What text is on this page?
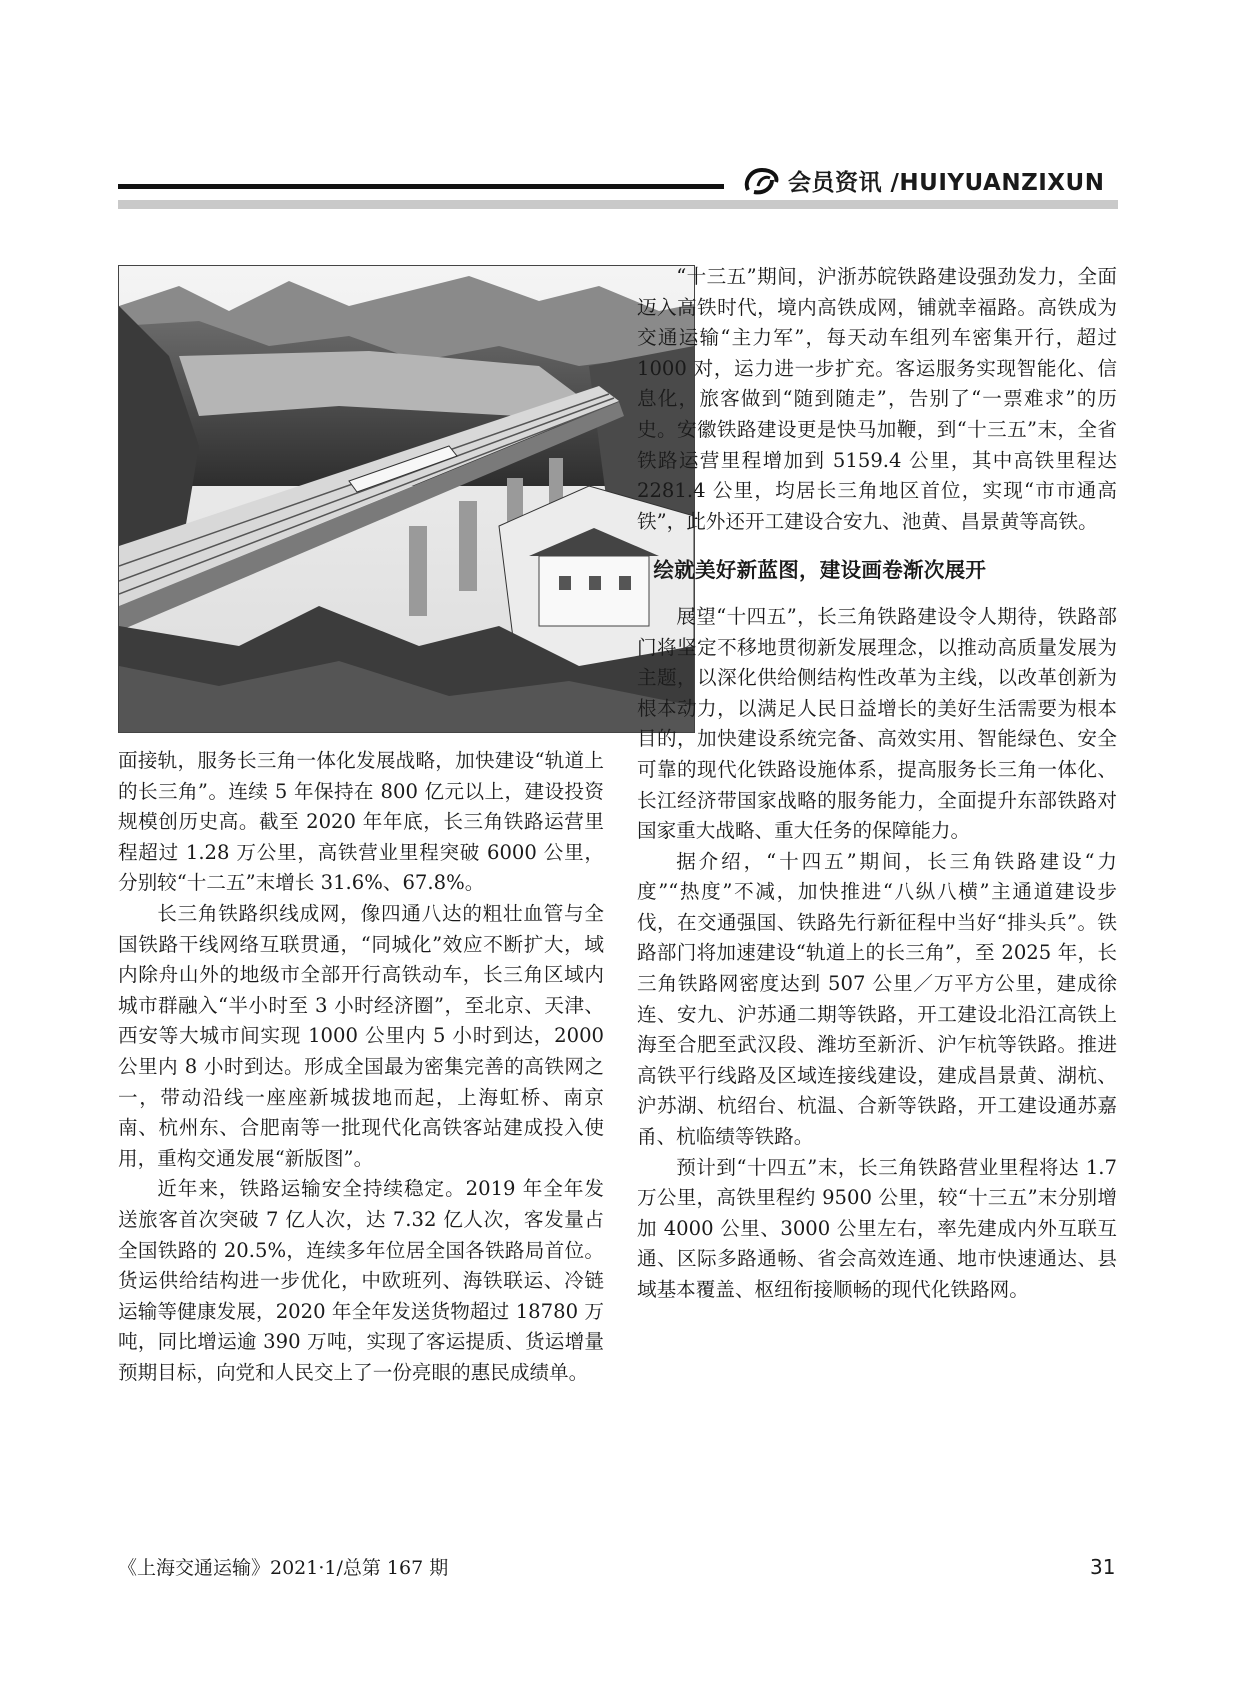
会员资讯 /HUIYUANZIXUN

面接轨，服务长三角一体化发展战略，加快建设“轨道上的长三角”。连续 5 年保持在 800 亿元以上，建设投资规模创历史高。截至 2020 年年底，长三角铁路运营里程超过 1.28 万公里，高铁营业里程突破 6000 公里，分别较“十二五”末增长 31.6%、67.8%。

长三角铁路织线成网，像四通八达的粗壮血管与全国铁路干线网络互联贯通，“同城化”效应不断扩大，域内除舟山外的地级市全部开行高铁动车，长三角区域内城市群融入“半小时至 3 小时经济圈”，至北京、天津、西安等大城市间实现 1000 公里内 5 小时到达，2000 公里内 8 小时到达。形成全国最为密集完善的高铁网之一，带动沿线一座座新城拔地而起，上海虹桥、南京南、杭州东、合肥南等一批现代化高铁客站建成投入使用，重构交通发展“新版图”。

近年来，铁路运输安全持续稳定。2019 年全年发送旅客首次突破 7 亿人次，达 7.32 亿人次，客发量占全国铁路的 20.5%，连续多年位居全国各铁路局首位。货运供给结构进一步优化，中欧班列、海铁联运、冷链运输等健康发展，2020 年全年发送货物超过 18780 万吨，同比增运逾 390 万吨，实现了客运提质、货运增量预期目标，向党和人民交上了一份亮眼的惠民成绩单。

“十三五”期间，沪浙苏皖铁路建设强劲发力，全面迈入高铁时代，境内高铁成网，铺就幸福路。高铁成为交通运输“主力军”，每天动车组列车密集开行，超过 1000 对，运力进一步扩充。客运服务实现智能化、信息化，旅客做到“随到随走”，告别了“一票难求”的历史。安徽铁路建设更是快马加鞭，到“十三五”末，全省铁路运营里程增加到 5159.4 公里，其中高铁里程达 2281.4 公里，均居长三角地区首位，实现“市市通高铁”，此外还开工建设合安九、池黄、昌景黄等高铁。

绘就美好新蓝图，建设画卷渐次展开

展望“十四五”，长三角铁路建设令人期待，铁路部门将坚定不移地贯彻新发展理念，以推动高质量发展为主题，以深化供给侧结构性改革为主线，以改革创新为根本动力，以满足人民日益增长的美好生活需要为根本目的，加快建设系统完备、高效实用、智能绿色、安全可靠的现代化铁路设施体系，提高服务长三角一体化、长江经济带国家战略的服务能力，全面提升东部铁路对国家重大战略、重大任务的保障能力。

据介绍，“十四五”期间，长三角铁路建设“力度”“热度”不减，加快推进“八纵八横”主通道建设步伐，在交通强国、铁路先行新征程中当好“排头兵”。铁路部门将加速建设“轨道上的长三角”，至 2025 年，长三角铁路网密度达到 507 公里／万平方公里，建成徐连、安九、沪苏通二期等铁路，开工建设北沿江高铁上海至合肥至武汉段、潍坊至新沂、沪乍杭等铁路。推进高铁平行线路及区域连接线建设，建成昌景黄、湖杭、沪苏湖、杭绍台、杭温、合新等铁路，开工建设通苏嘉甬、杭临绩等铁路。

预计到“十四五”末，长三角铁路营业里程将达 1.7 万公里，高铁里程约 9500 公里，较“十三五”末分别增加 4000 公里、3000 公里左右，率先建成内外互联互通、区际多路通畅、省会高效连通、地市快速通达、县域基本覆盖、枢纽衔接顺畅的现代化铁路网。

《上海交通运输》2021·1/总第 167 期	31
